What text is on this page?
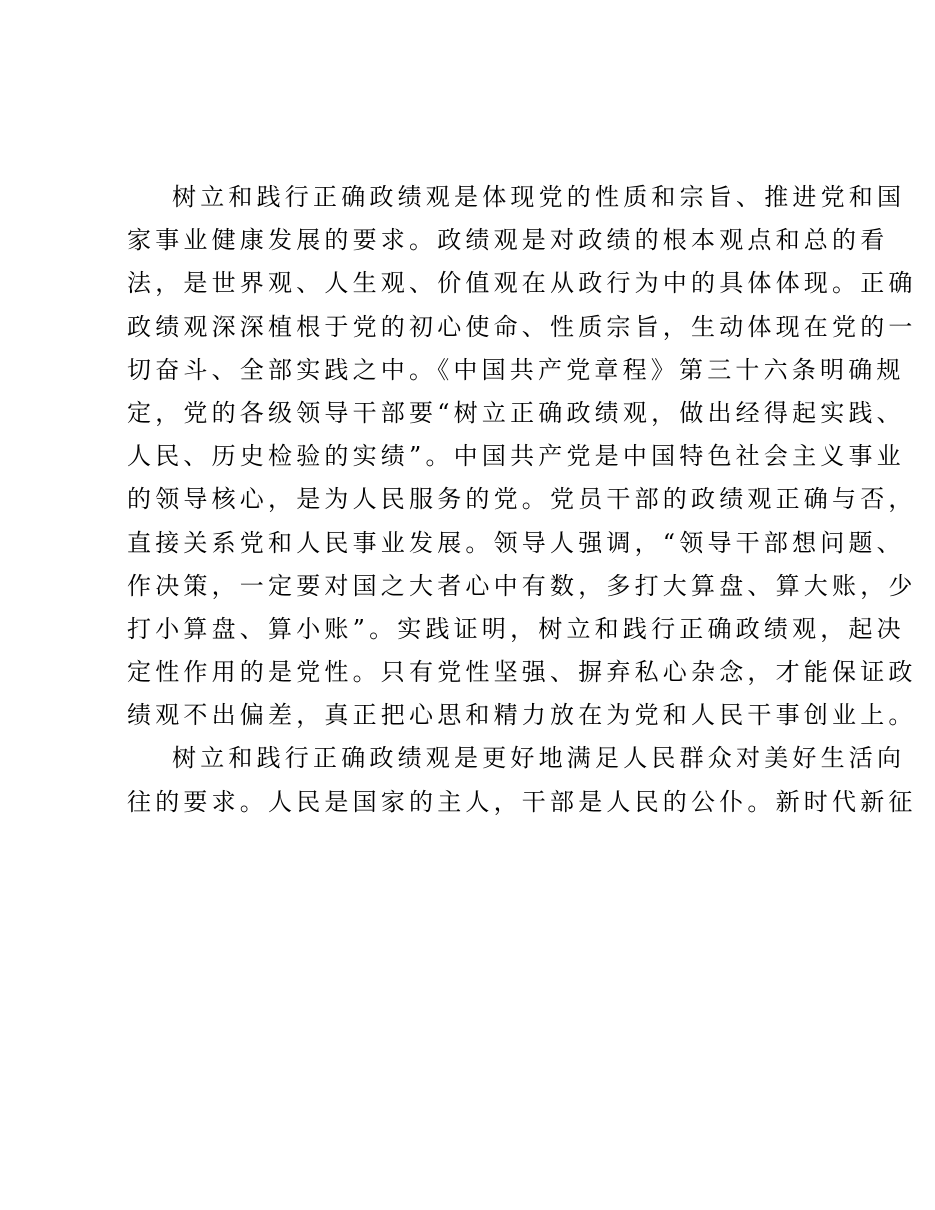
树立和践行正确政绩观是体现党的性质和宗旨、推进党和国
家事业健康发展的要求。政绩观是对政绩的根本观点和总的看
法，是世界观、人生观、价值观在从政行为中的具体体现。正确
政绩观深深植根于党的初心使命、性质宗旨，生动体现在党的一
切奋斗、全部实践之中。《中国共产党章程》第三十六条明确规
定，党的各级领导干部要“树立正确政绩观，做出经得起实践、
人民、历史检验的实绩”。中国共产党是中国特色社会主义事业
的领导核心，是为人民服务的党。党员干部的政绩观正确与否，
直接关系党和人民事业发展。领导人强调，“领导干部想问题、
作决策，一定要对国之大者心中有数，多打大算盘、算大账，少
打小算盘、算小账”。实践证明，树立和践行正确政绩观，起决
定性作用的是党性。只有党性坚强、摒弃私心杂念，才能保证政
绩观不出偏差，真正把心思和精力放在为党和人民干事创业上。
树立和践行正确政绩观是更好地满足人民群众对美好生活向
往的要求。人民是国家的主人，干部是人民的公仆。新时代新征
